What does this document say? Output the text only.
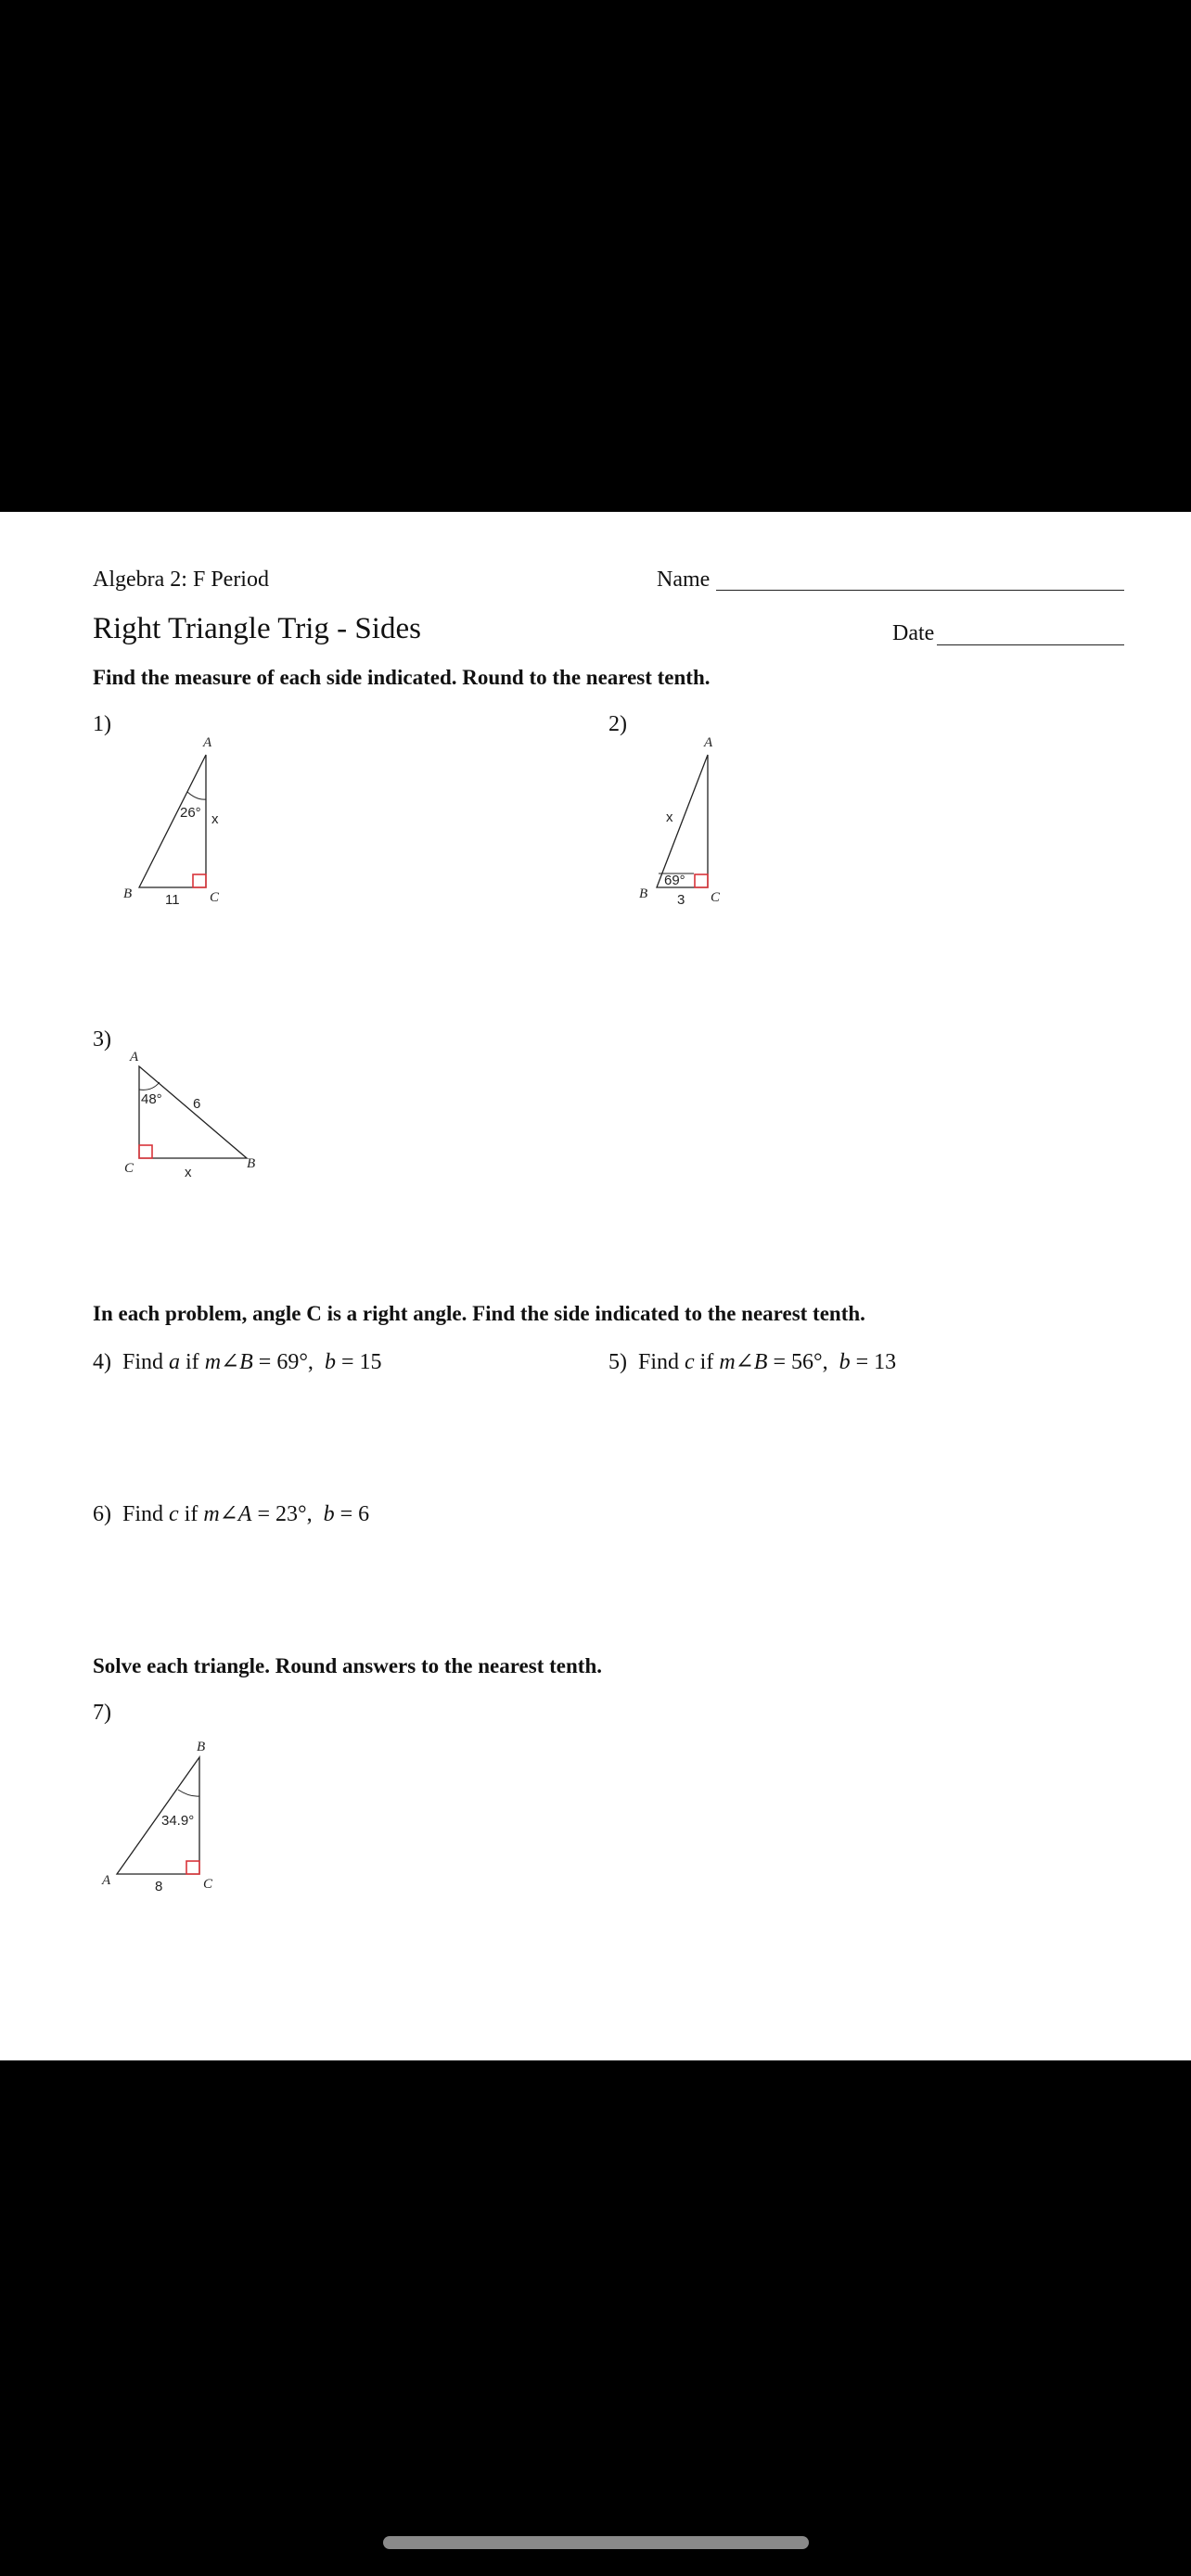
Algebra 2: F Period	Name
Right Triangle Trig - Sides	Date
Find the measure of each side indicated. Round to the nearest tenth.
1)
A
B	C
26° x
11
2)
A
B	C
69°
x
3
3)
A
B
C
48° 6
x
In each problem, angle C is a right angle. Find the side indicated to the nearest tenth.
4) Find a if m∠B = 69°, b = 15	5) Find c if m∠B = 56°, b = 13
6) Find c if m∠A = 23°, b = 6
Solve each triangle. Round answers to the nearest tenth.
7)
B
A	C
34.9°
8
